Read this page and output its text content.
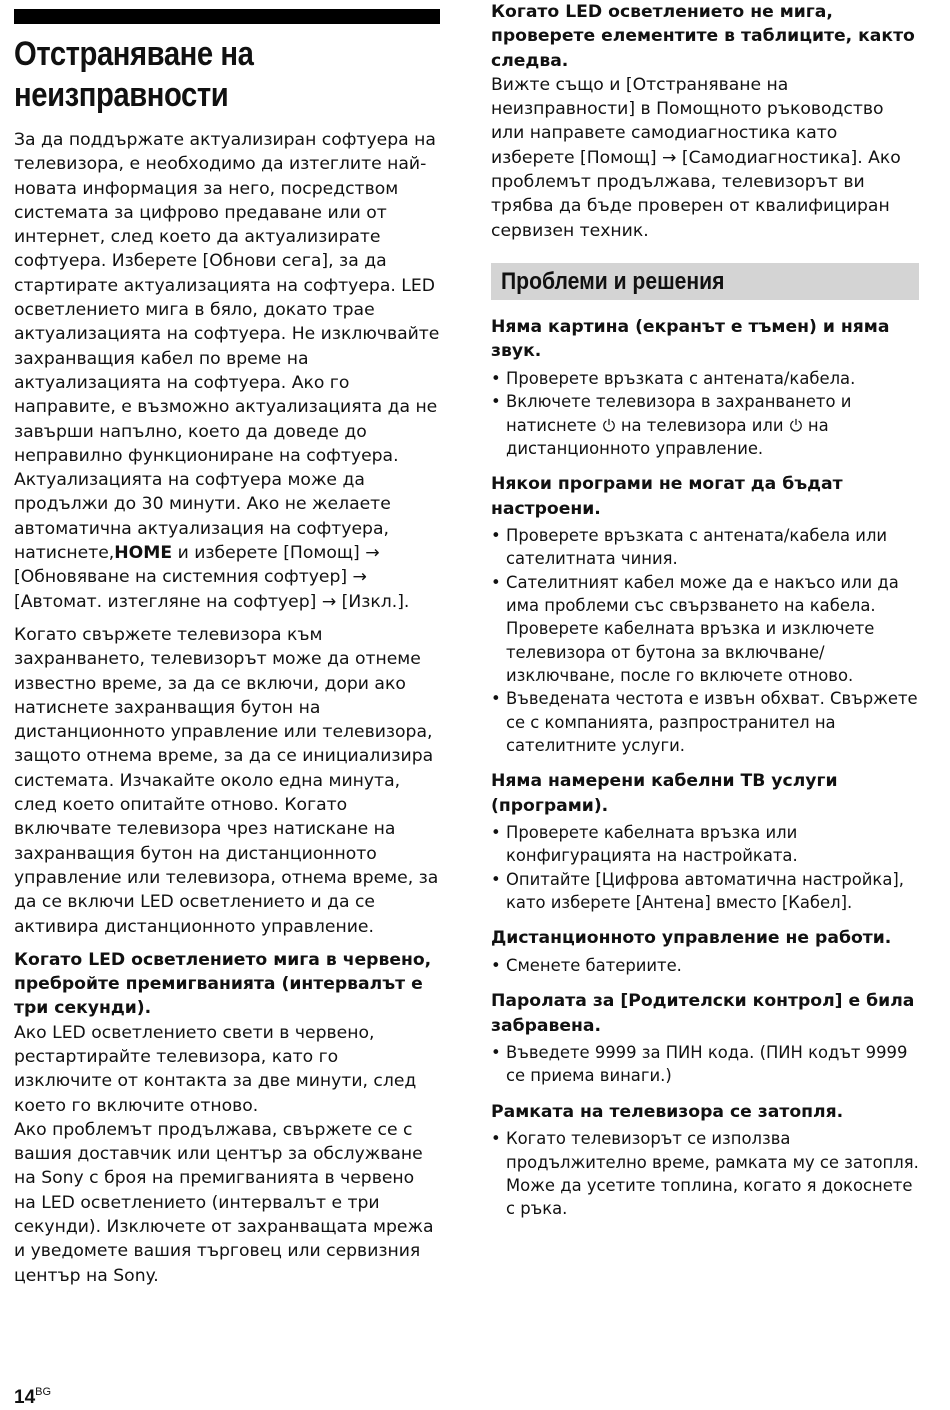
Отстраняване на
неизправности

За да поддържате актуализиран софтуера на телевизора, е необходимо да изтеглите най-новата информация за него, посредством системата за цифрово предаване или от интернет, след което да актуализирате софтуера. Изберете [Обнови сега], за да стартирате актуализацията на софтуера. LED осветлението мига в бяло, докато трае актуализацията на софтуера. Не изключвайте захранващия кабел по време на актуализацията на софтуера. Ако го направите, е възможно актуализацията да не завърши напълно, което да доведе до неправилно функциониране на софтуера. Актуализацията на софтуера може да продължи до 30 минути. Ако не желаете автоматична актуализация на софтуера, натиснете,HOME и изберете [Помощ] → [Обновяване на системния софтуер] → [Автомат. изтегляне на софтуер] → [Изкл.].

Когато свържете телевизора към захранването, телевизорът може да отнеме известно време, за да се включи, дори ако натиснете захранващия бутон на дистанционното управление или телевизора, защото отнема време, за да се инициализира системата. Изчакайте около една минута, след което опитайте отново. Когато включвате телевизора чрез натискане на захранващия бутон на дистанционното управление или телевизора, отнема време, за да се включи LED осветлението и да се активира дистанционното управление.

Когато LED осветлението мига в червено, пребройте премигванията (интервалът е три секунди).

Ако LED осветлението свети в червено, рестартирайте телевизора, като го изключите от контакта за две минути, след което го включите отново.

Ако проблемът продължава, свържете се с вашия доставчик или център за обслужване на Sony с броя на премигванията в червено на LED осветлението (интервалът е три секунди). Изключете от захранващата мрежа и уведомете вашия търговец или сервизния център на Sony.

Когато LED осветлението не мига, проверете елементите в таблиците, както следва.

Вижте също и [Отстраняване на неизправности] в Помощното ръководство или направете самодиагностика като изберете [Помощ] → [Самодиагностика]. Ако проблемът продължава, телевизорът ви трябва да бъде проверен от квалифициран сервизен техник.

Проблеми и решения
Няма картина (екранът е тъмен) и няма звук.
• Проверете връзката с антената/кабела.
• Включете телевизора в захранването и натиснете  на телевизора или  на дистанционното управление.
Някои програми не могат да бъдат настроени.
• Проверете връзката с антената/кабела или сателитната чиния.
• Сателитният кабел може да е накъсо или да има проблеми със свързването на кабела. Проверете кабелната връзка и изключете телевизора от бутона за включване/изключване, после го включете отново.
• Въведената честота е извън обхват. Свържете се с компанията, разпространител на сателитните услуги.
Няма намерени кабелни ТВ услуги (програми).
• Проверете кабелната връзка или конфигурацията на настройката.
• Опитайте [Цифрова автоматична настройка], като изберете [Антена] вместо [Кабел].
Дистанционното управление не работи.
• Сменете батериите.
Паролата за [Родителски контрол] е била забравена.
• Въведете 9999 за ПИН кода. (ПИН кодът 9999 се приема винаги.)
Рамката на телевизора се затопля.
• Когато телевизорът се използва продължително време, рамката му се затопля. Може да усетите топлина, когато я докоснете с ръка.
$14^{BG}$
